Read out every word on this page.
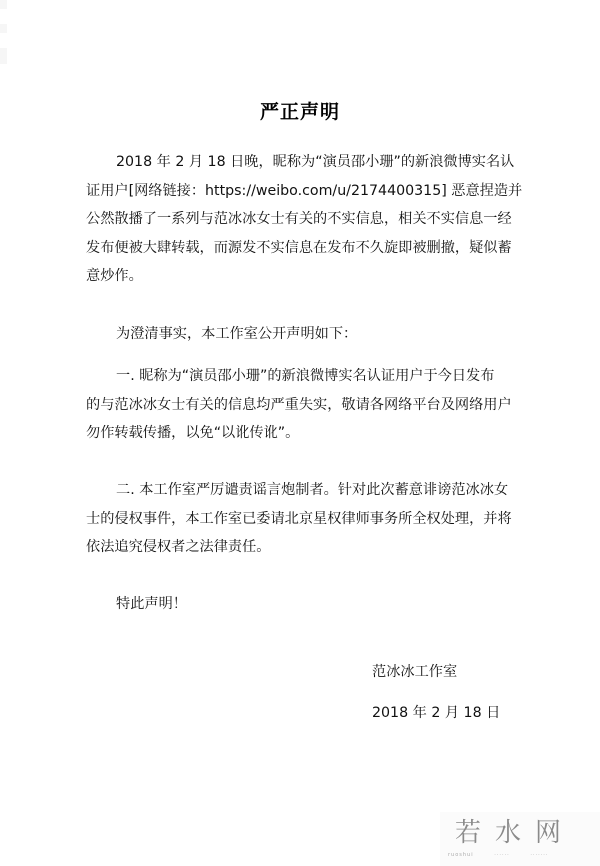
严正声明
2018 年 2 月 18 日晚，昵称为“演员邵小珊”的新浪微博实名认
证用户[网络链接：https://weibo.com/u/2174400315] 恶意捏造并
公然散播了一系列与范冰冰女士有关的不实信息，相关不实信息一经
发布便被大肆转载，而源发不实信息在发布不久旋即被删撤，疑似蓄
意炒作。
为澄清事实，本工作室公开声明如下：
一. 昵称为“演员邵小珊”的新浪微博实名认证用户于今日发布
的与范冰冰女士有关的信息均严重失实，敬请各网络平台及网络用户
勿作转载传播，以免“以讹传讹”。
二. 本工作室严厉谴责谣言炮制者。针对此次蓄意诽谤范冰冰女
士的侵权事件，本工作室已委请北京星权律师事务所全权处理，并将
依法追究侵权者之法律责任。
特此声明！
范冰冰工作室
2018 年 2 月 18 日
若水网
ruoshui ······ ·······
